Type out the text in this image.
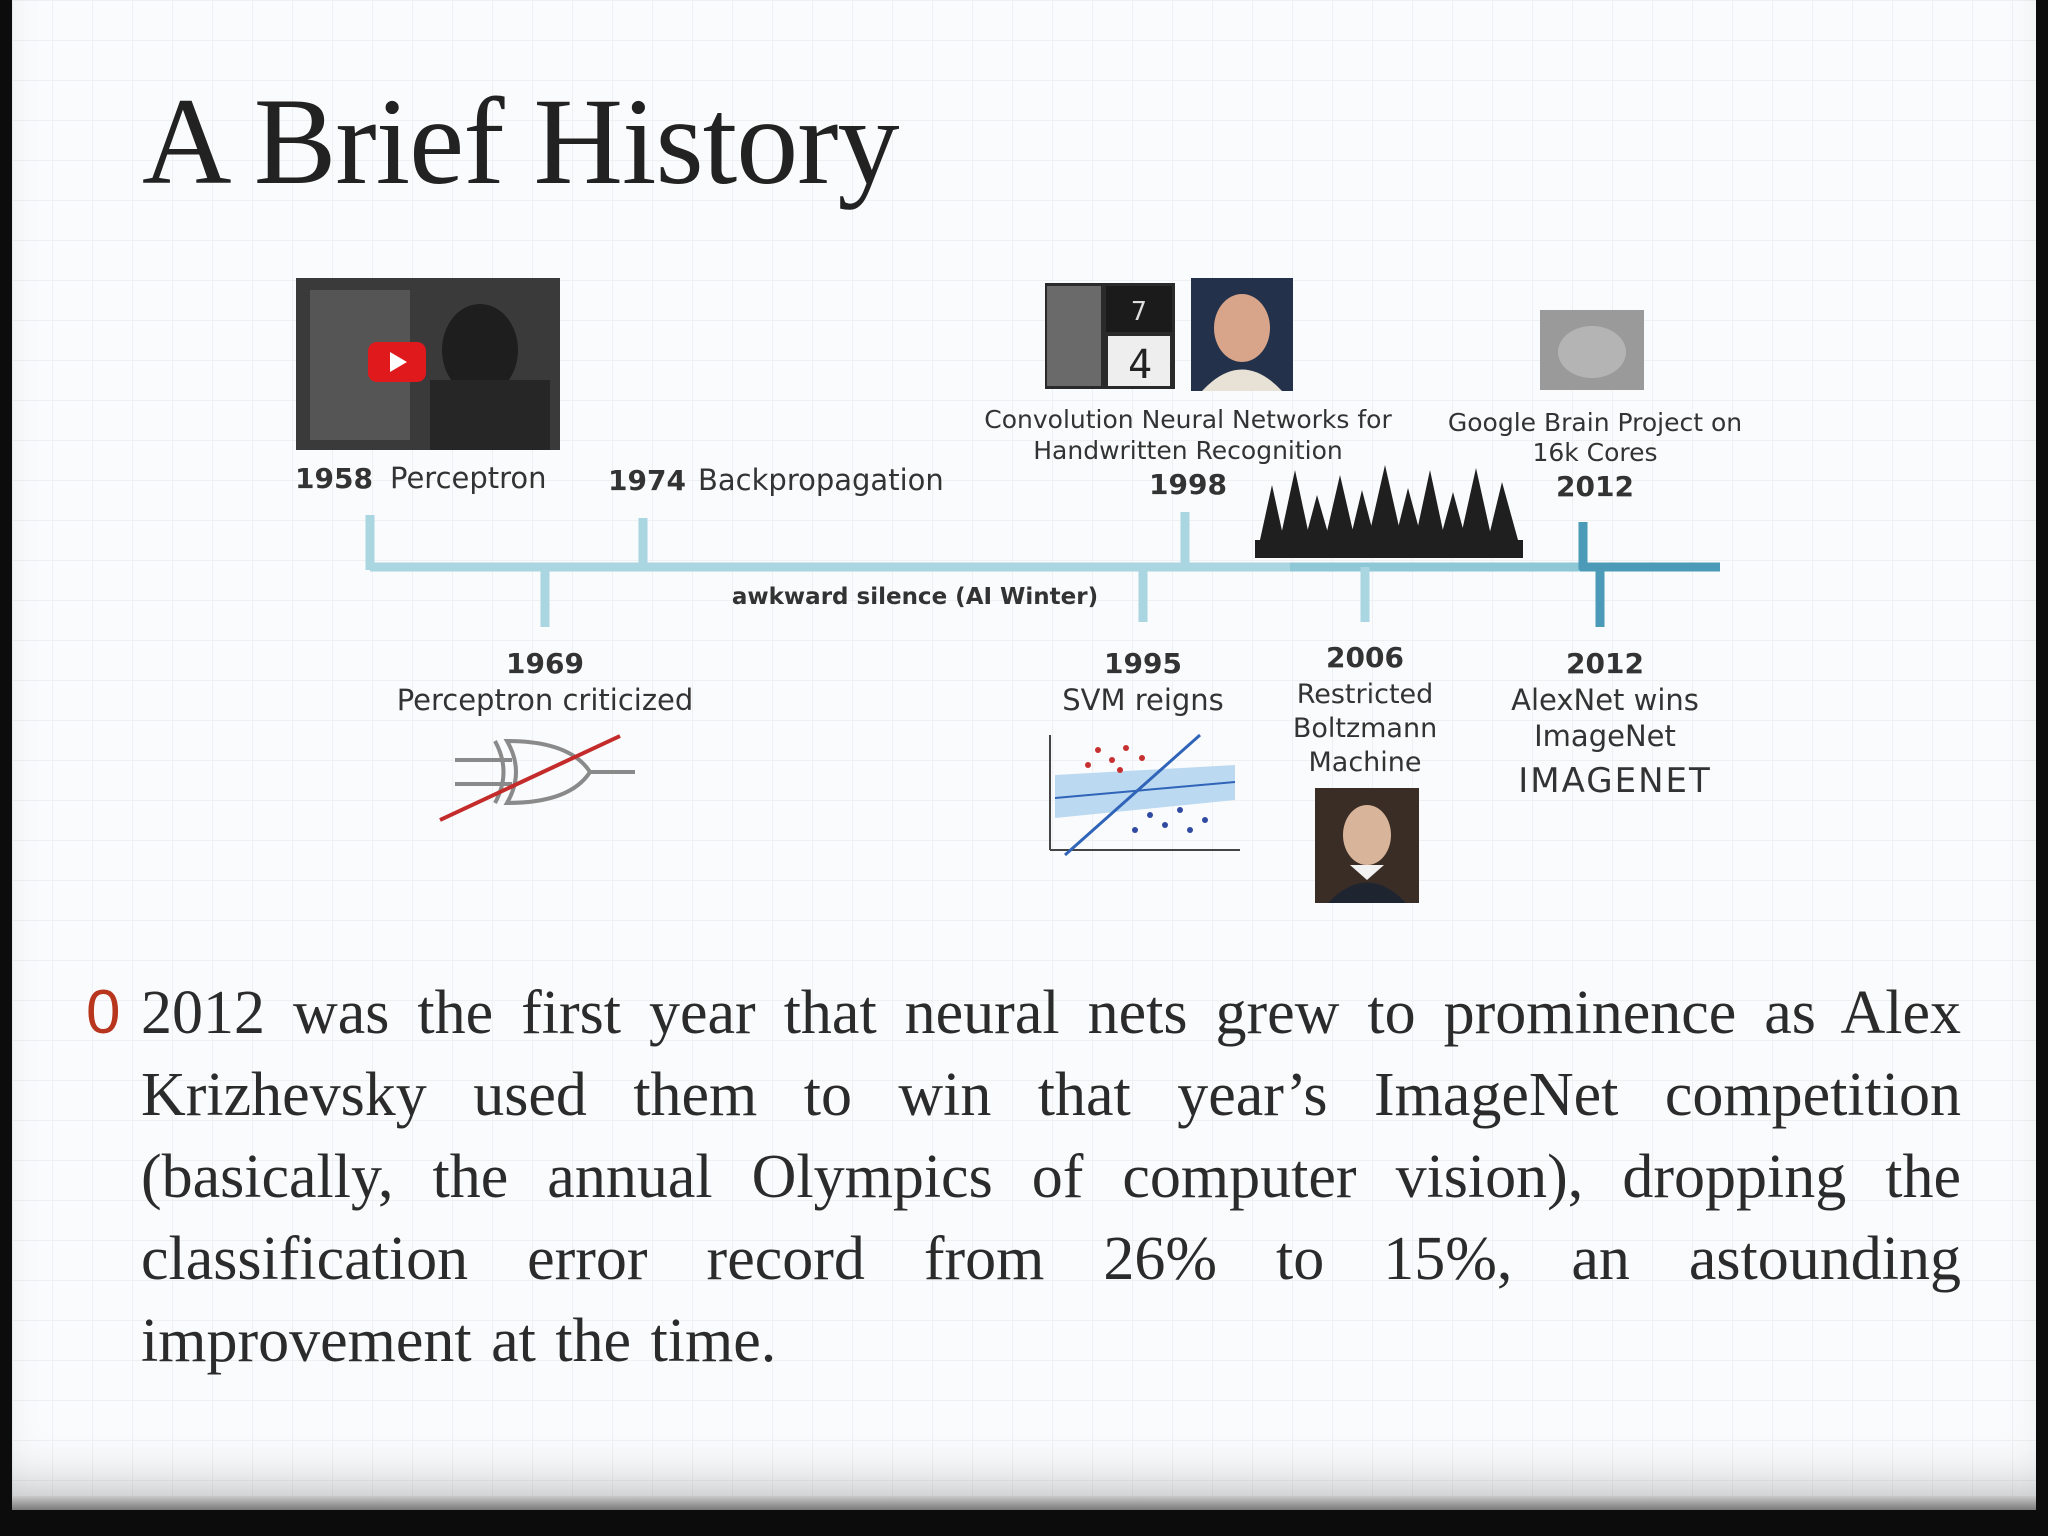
A Brief History
4
7
1958 Perceptron 1974 Backpropagation
Convolution Neural Networks for
Handwritten Recognition
1998
Google Brain Project on
16k Cores
2012
awkward silence (AI Winter)
1969
Perceptron criticized
1995
SVM reigns
2006
Restricted
Boltzmann
Machine
2012
AlexNet wins
ImageNet
IMAGENET
0 2012 was the first year that neural nets grew to prominence as Alex Krizhevsky used them to win that year’s ImageNet competition (basically, the annual Olympics of computer vision), dropping the classification error record from 26% to 15%, an astounding improvement at the time.
